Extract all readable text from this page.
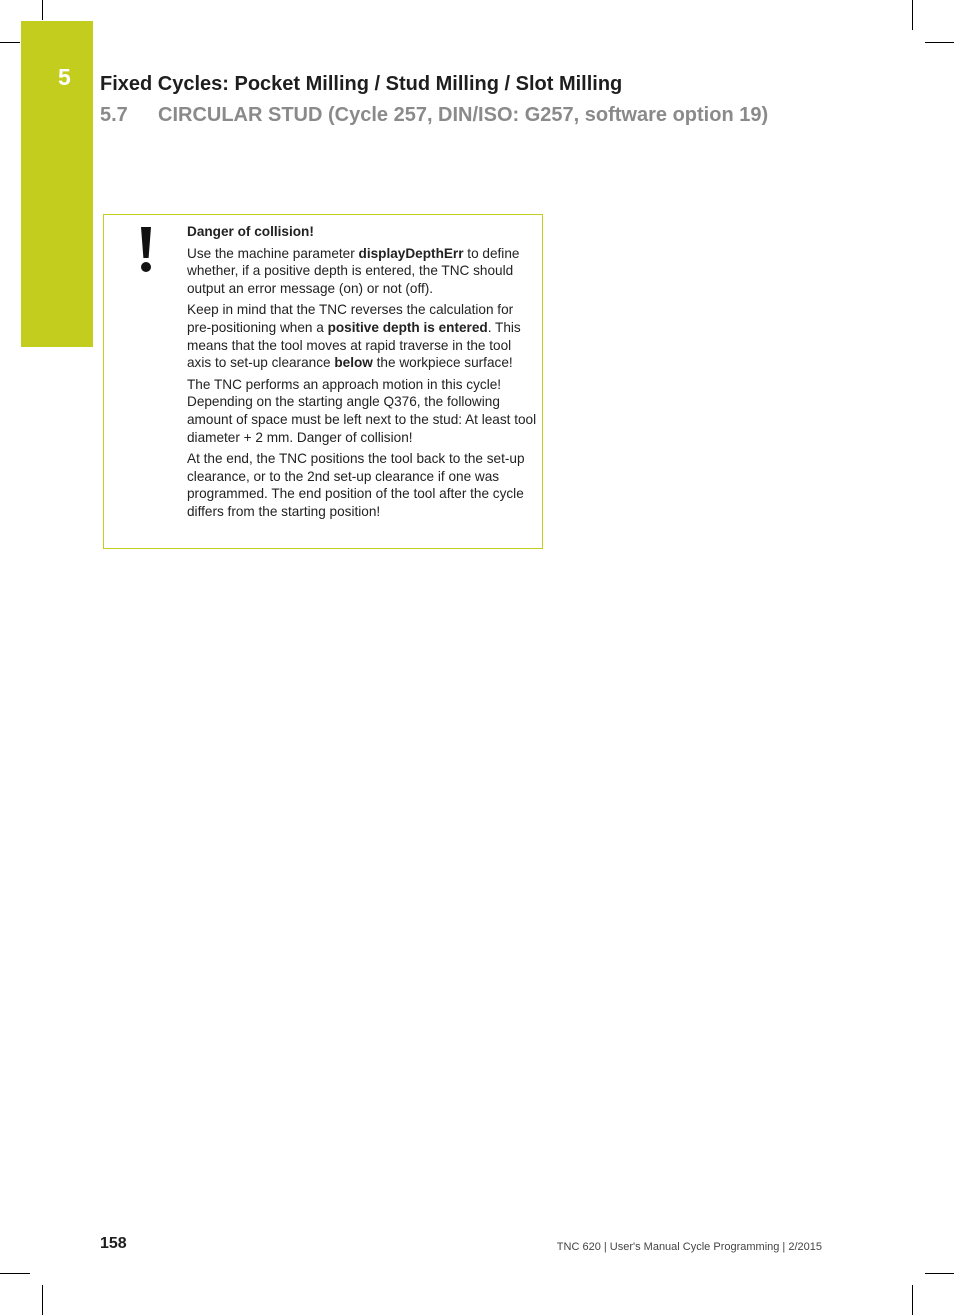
5 Fixed Cycles: Pocket Milling / Stud Milling / Slot Milling
5.7 CIRCULAR STUD (Cycle 257, DIN/ISO: G257, software option 19)

Danger of collision!

Use the machine parameter displayDepthErr to define whether, if a positive depth is entered, the TNC should output an error message (on) or not (off).

Keep in mind that the TNC reverses the calculation for pre-positioning when a positive depth is entered. This means that the tool moves at rapid traverse in the tool axis to set-up clearance below the workpiece surface!

The TNC performs an approach motion in this cycle! Depending on the starting angle Q376, the following amount of space must be left next to the stud: At least tool diameter + 2 mm. Danger of collision!

At the end, the TNC positions the tool back to the set-up clearance, or to the 2nd set-up clearance if one was programmed. The end position of the tool after the cycle differs from the starting position!

158	TNC 620 | User's Manual Cycle Programming | 2/2015
